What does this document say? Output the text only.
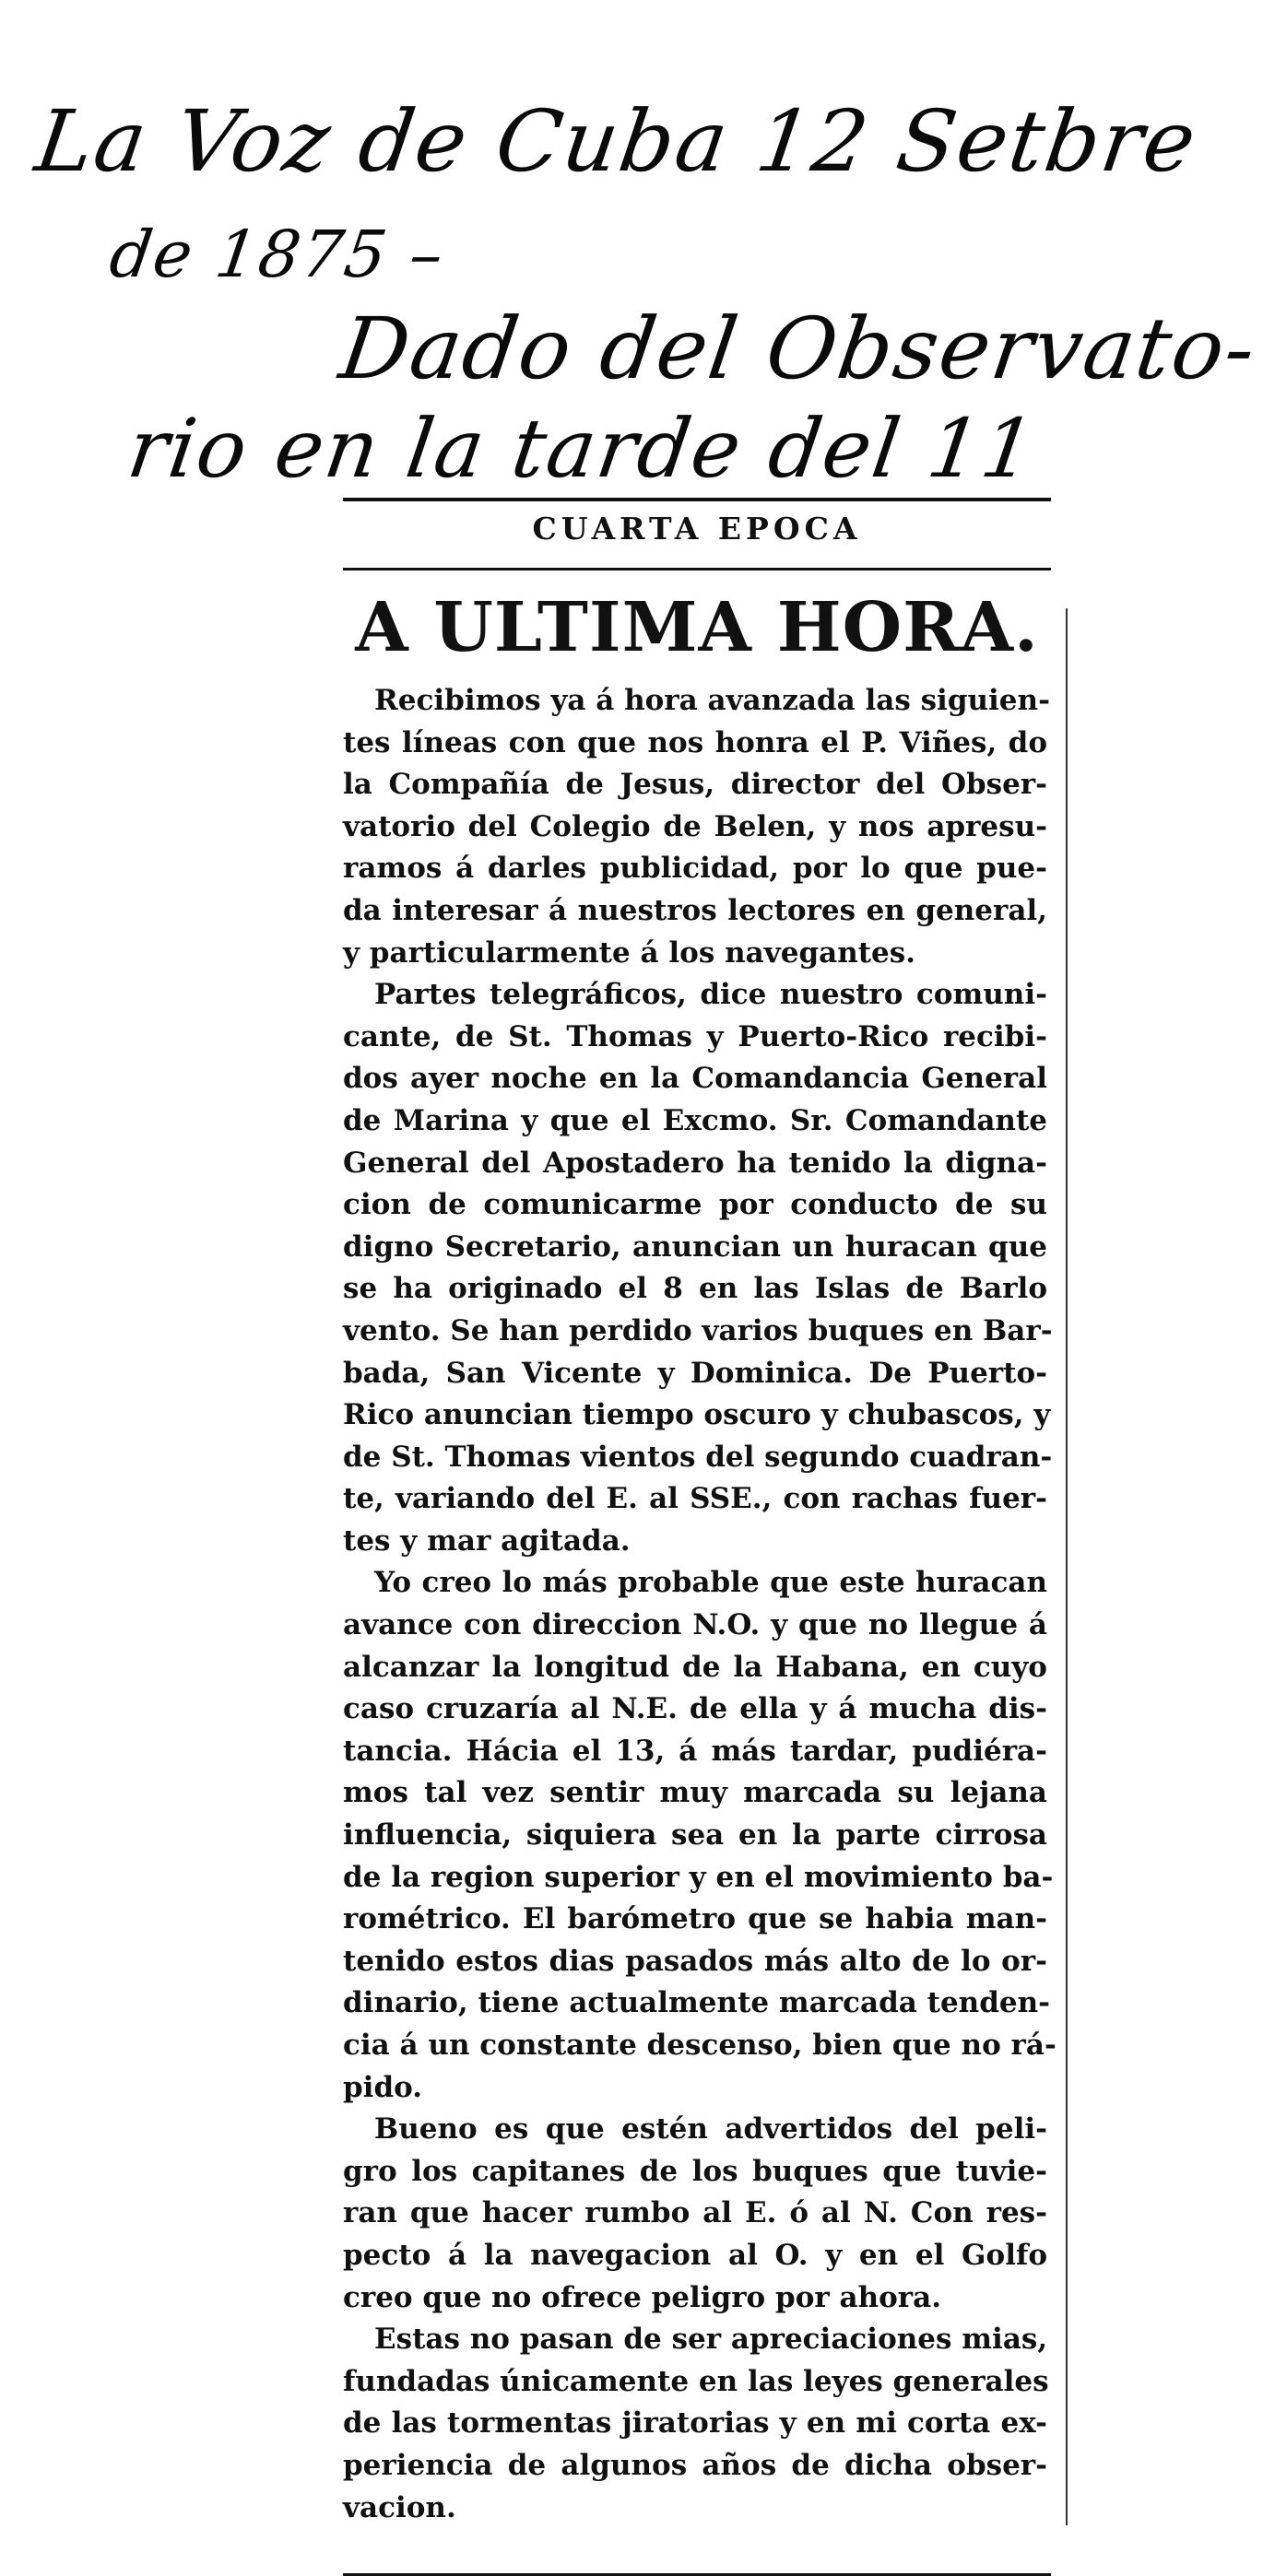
La Voz de Cuba 12 Setbre
de 1875 –
Dado del Observato-
rio en la tarde del 11
CUARTA EPOCA
A ULTIMA HORA.
Recibimos ya á hora avanzada las siguien-
tes líneas con que nos honra el P. Viñes, do
la Compañía de Jesus, director del Obser-
vatorio del Colegio de Belen, y nos apresu-
ramos á darles publicidad, por lo que pue-
da interesar á nuestros lectores en general,
y particularmente á los navegantes.
Partes telegráficos, dice nuestro comuni-
cante, de St. Thomas y Puerto-Rico recibi-
dos ayer noche en la Comandancia General
de Marina y que el Excmo. Sr. Comandante
General del Apostadero ha tenido la digna-
cion de comunicarme por conducto de su
digno Secretario, anuncian un huracan que
se ha originado el 8 en las Islas de Barlo
vento. Se han perdido varios buques en Bar-
bada, San Vicente y Dominica. De Puerto-
Rico anuncian tiempo oscuro y chubascos, y
de St. Thomas vientos del segundo cuadran-
te, variando del E. al SSE., con rachas fuer-
tes y mar agitada.
Yo creo lo más probable que este huracan
avance con direccion N.O. y que no llegue á
alcanzar la longitud de la Habana, en cuyo
caso cruzaría al N.E. de ella y á mucha dis-
tancia. Hácia el 13, á más tardar, pudiéra-
mos tal vez sentir muy marcada su lejana
influencia, siquiera sea en la parte cirrosa
de la region superior y en el movimiento ba-
rométrico. El barómetro que se habia man-
tenido estos dias pasados más alto de lo or-
dinario, tiene actualmente marcada tenden-
cia á un constante descenso, bien que no rá-
pido.
Bueno es que estén advertidos del peli-
gro los capitanes de los buques que tuvie-
ran que hacer rumbo al E. ó al N. Con res-
pecto á la navegacion al O. y en el Golfo
creo que no ofrece peligro por ahora.
Estas no pasan de ser apreciaciones mias,
fundadas únicamente en las leyes generales
de las tormentas jiratorias y en mi corta ex-
periencia de algunos años de dicha obser-
vacion.
